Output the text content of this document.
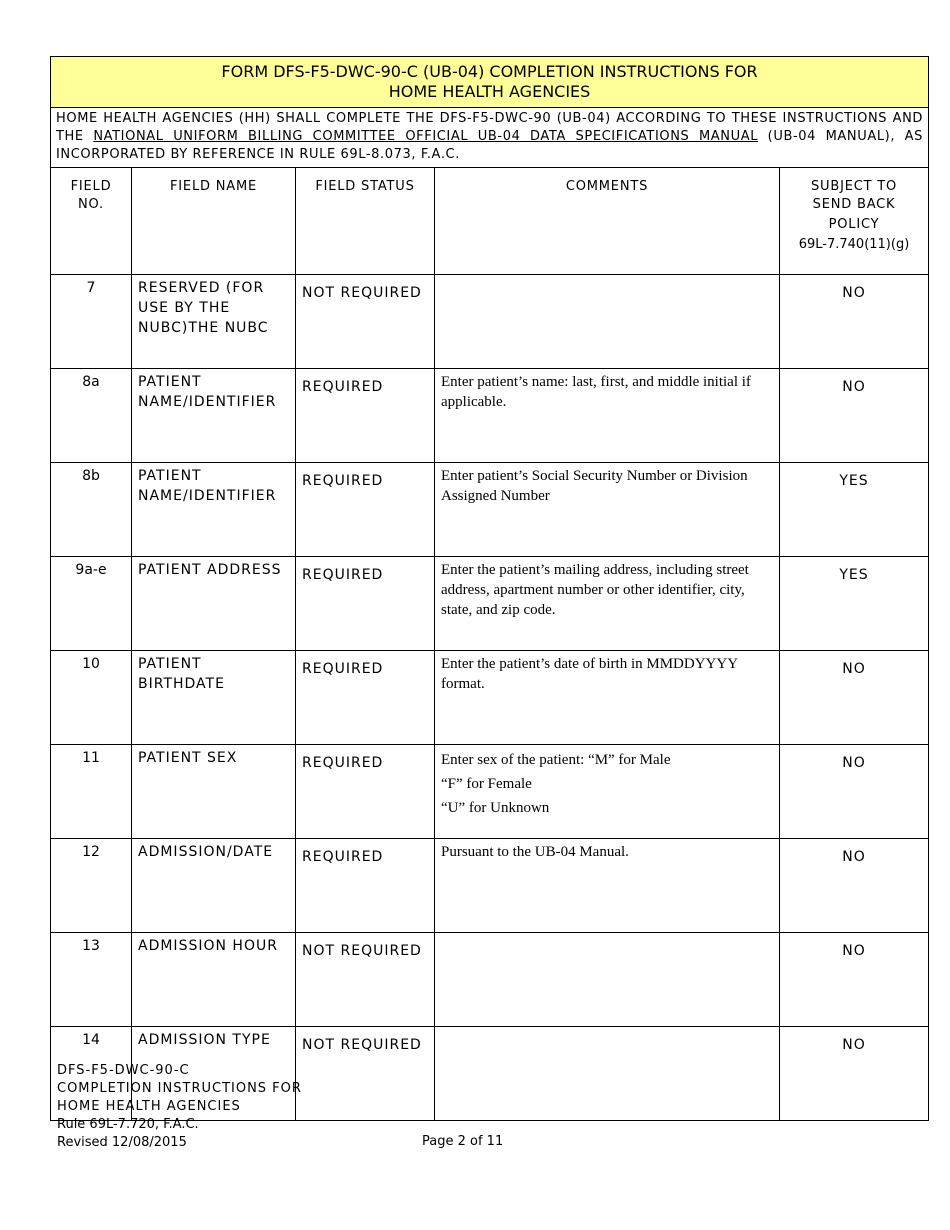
FORM DFS-F5-DWC-90-C (UB-04) COMPLETION INSTRUCTIONS FOR
HOME HEALTH AGENCIES				

HOME HEALTH AGENCIES (HH) SHALL COMPLETE THE DFS-F5-DWC-90 (UB-04) ACCORDING TO THESE INSTRUCTIONS AND THE NATIONAL UNIFORM BILLING COMMITTEE OFFICIAL UB-04 DATA SPECIFICATIONS MANUAL (UB-04 MANUAL), AS INCORPORATED BY REFERENCE IN RULE 69L-8.073, F.A.C.				
FIELD
NO.	FIELD NAME	FIELD STATUS	COMMENTS	SUBJECT TO
SEND BACK
POLICY
69L-7.740(11)(g)
7	RESERVED (FOR USE BY THE NUBC)THE NUBC	NOT REQUIRED		NO
8a	PATIENT NAME/IDENTIFIER	REQUIRED	Enter patient’s name: last, first, and middle initial if applicable.	NO
8b	PATIENT NAME/IDENTIFIER	REQUIRED	Enter patient’s Social Security Number or Division Assigned Number	YES
9a-e	PATIENT ADDRESS	REQUIRED	Enter the patient’s mailing address, including street address, apartment number or other identifier, city, state, and zip code.	YES
10	PATIENT BIRTHDATE	REQUIRED	Enter the patient’s date of birth in MMDDYYYY format.	NO
11	PATIENT SEX	REQUIRED	Enter sex of the patient: “M” for Male
“F” for Female
“U” for Unknown	NO
12	ADMISSION/DATE	REQUIRED	Pursuant to the UB-04 Manual.	NO
13	ADMISSION HOUR	NOT REQUIRED		NO
14	ADMISSION TYPE	NOT REQUIRED		NO
DFS-F5-DWC-90-C
COMPLETION INSTRUCTIONS FOR
HOME HEALTH AGENCIES
Rule 69L-7.720, F.A.C.
Revised 12/08/2015	Page 2 of 11
